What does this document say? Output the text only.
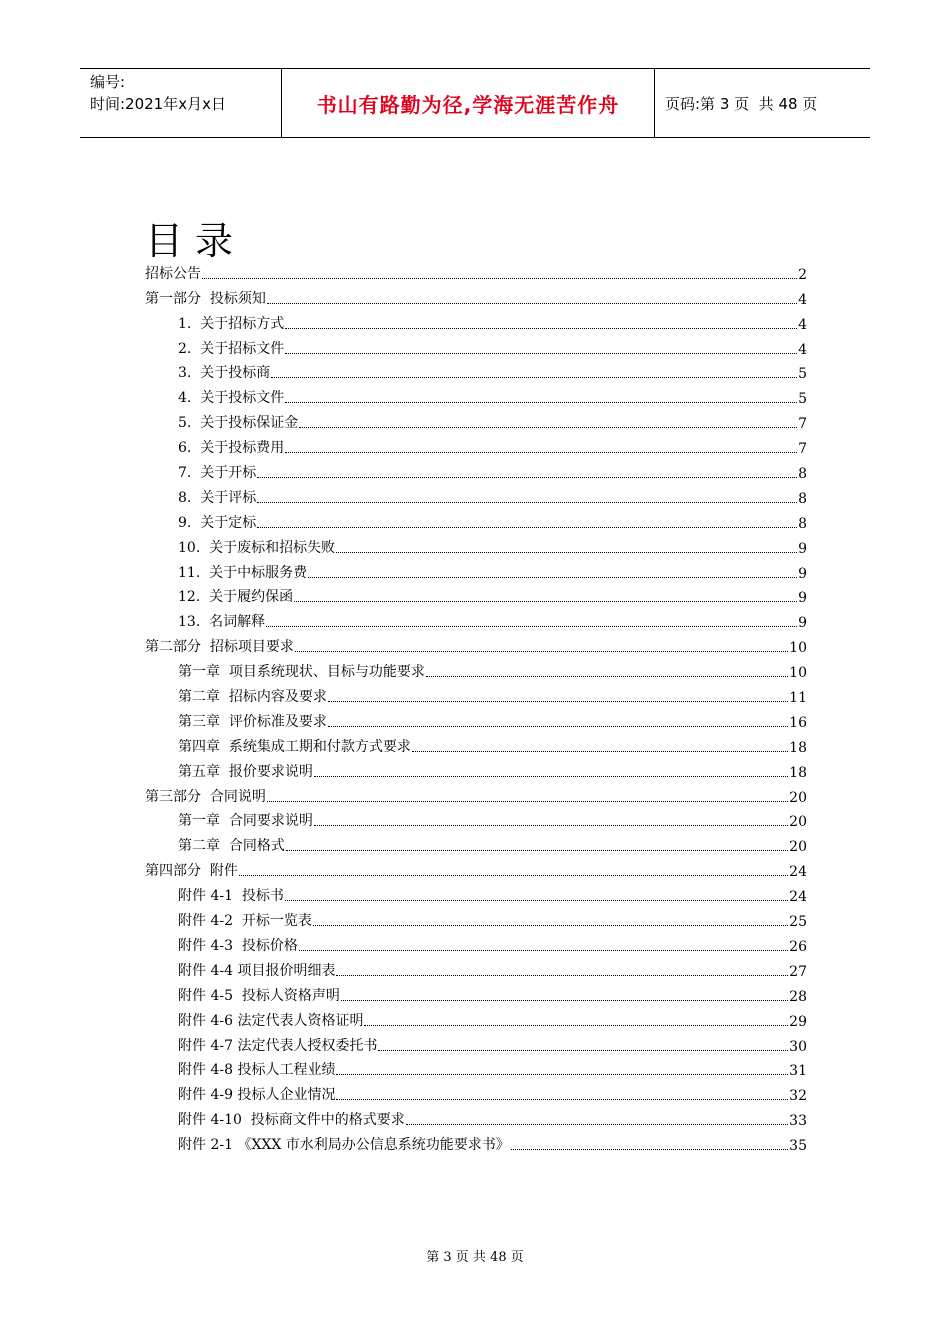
编号:
时间:2021年x月x日	书山有路勤为径,学海无涯苦作舟	页码:第 3 页  共 48 页
目录
招标公告	2
第一部分  投标须知	4
1.  关于招标方式	4
2.  关于招标文件	4
3.  关于投标商	5
4.  关于投标文件	5
5.  关于投标保证金	7
6.  关于投标费用	7
7.  关于开标	8
8.  关于评标	8
9.  关于定标	8
10.  关于废标和招标失败	9
11.  关于中标服务费	9
12.  关于履约保函	9
13.  名词解释	9
第二部分  招标项目要求	10
第一章  项目系统现状、目标与功能要求	10
第二章  招标内容及要求	11
第三章  评价标准及要求	16
第四章  系统集成工期和付款方式要求	18
第五章  报价要求说明	18
第三部分  合同说明	20
第一章  合同要求说明	20
第二章  合同格式	20
第四部分  附件	24
附件 4-1  投标书	24
附件 4-2  开标一览表	25
附件 4-3  投标价格	26
附件 4-4 项目报价明细表	27
附件 4-5  投标人资格声明	28
附件 4-6 法定代表人资格证明	29
附件 4-7 法定代表人授权委托书	30
附件 4-8 投标人工程业绩	31
附件 4-9 投标人企业情况	32
附件 4-10  投标商文件中的格式要求	33
附件 2-1 《XXX 市水利局办公信息系统功能要求书》	35
第 3 页 共 48 页
